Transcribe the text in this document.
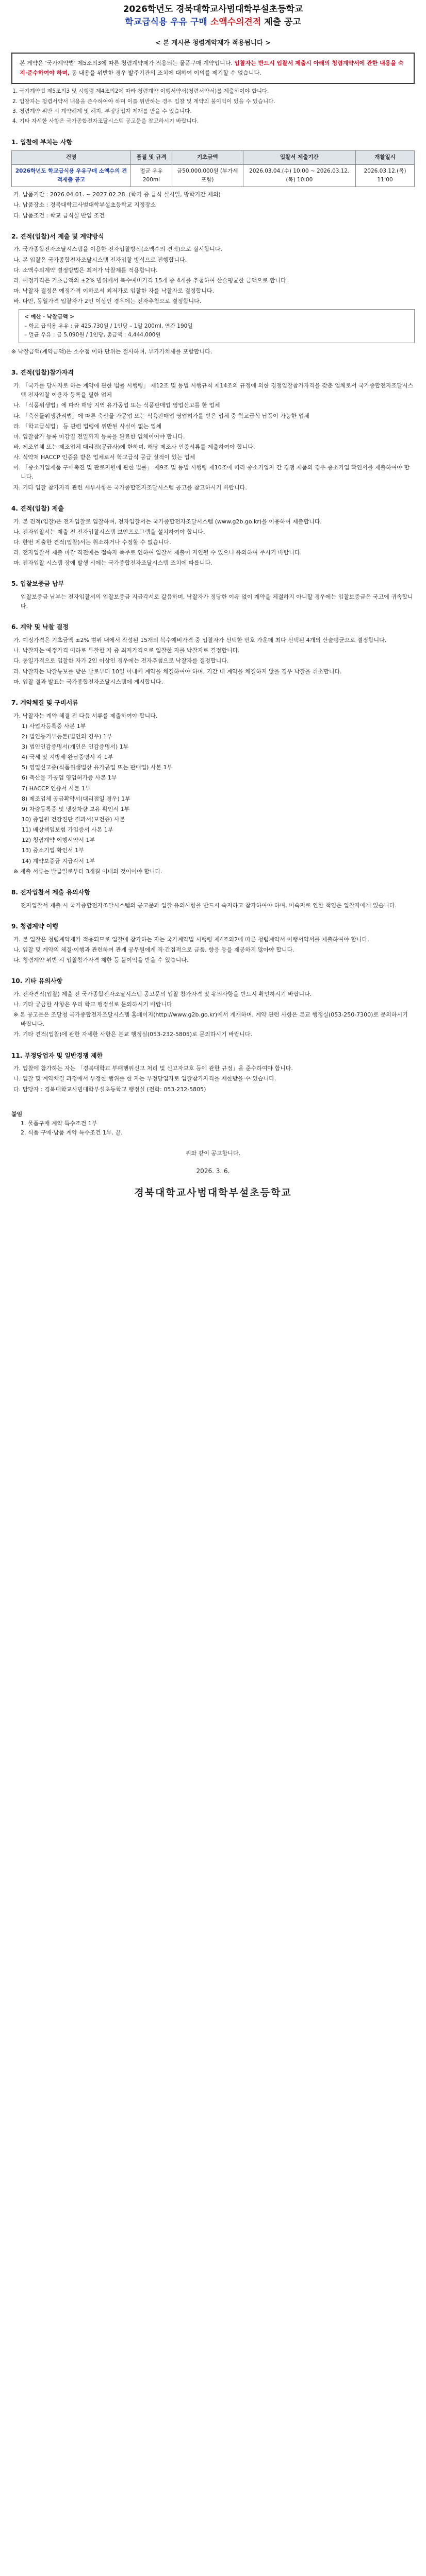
2026학년도 경북대학교사범대학부설초등학교
학교급식용 우유 구매 소액수의견적 제출 공고
< 본 게시문 청렴계약제가 적용됩니다 >
본 게약은 '국가계약법' 제5조의3에 따른 청렴계약제가 적용되는 물품구매 계약입니다. 입찰자는 반드시 입찰서 제출시 아래의 청렴계약서에 관한 내용을 숙지·준수하여야 하며, 동 내용을 위반한 경우 발주기관의 조치에 대하여 이의를 제기할 수 없습니다.

1. 국가계약법 제5조의3 및 시행령 제4조의2에 따라 청렴계약 이행서약서(청렴서약서)를 제출하여야 합니다.

2. 입찰자는 청렴서약서 내용을 준수하여야 하며 이를 위반하는 경우 입찰 및 계약의 불이익이 있을 수 있습니다.

3. 청렴계약 위반 시 계약해제 및 해지, 부정당업자 제재를 받을 수 있습니다.

4. 기타 자세한 사항은 국가종합전자조달시스템 공고문을 참고하시기 바랍니다.

1. 입찰에 부치는 사항
건명	품질 및 규격	기초금액	입찰서 제출기간	개찰일시
2026학년도 학교급식용 우유구매 소액수의 견적제출 공고	멸균 우유 200ml	금50,000,000원 (부가세 포함)	2026.03.04.(수) 10:00 ~ 2026.03.12.(목) 10:00	2026.03.12.(목) 11:00
가. 납품기간 : 2026.04.01. ~ 2027.02.28. (학기 중 급식 실시일, 방학기간 제외)
나. 납품장소 : 경북대학교사범대학부설초등학교 지정장소
다. 납품조건 : 학교 급식실 반입 조건
2. 견적(입찰)서 제출 및 계약방식
가. 국가종합전자조달시스템을 이용한 전자입찰방식(소액수의 견적)으로 실시합니다.
나. 본 입찰은 국가종합전자조달시스템 전자입찰 방식으로 진행합니다.
다. 소액수의계약 결정방법은 최저가 낙찰제를 적용합니다.
라. 예정가격은 기초금액의 ±2% 범위에서 복수예비가격 15개 중 4개를 추첨하여 산술평균한 금액으로 합니다.
마. 낙찰자 결정은 예정가격 이하로서 최저가로 입찰한 자를 낙찰자로 결정합니다.
바. 다만, 동일가격 입찰자가 2인 이상인 경우에는 전자추첨으로 결정합니다.
< 예산 · 낙찰금액 >
– 학교 급식용 우유 : 금 425,730원 / 1인당 – 1일 200ml, 연간 190일
– 멸균 우유 : 금 5,090원 / 1인당, 총금액 : 4,444,000원
※ 낙찰금액(계약금액)은 소수점 이하 단위는 절사하며, 부가가치세를 포함합니다.
3. 견적(입찰)참가자격
가. 「국가를 당사자로 하는 계약에 관한 법률 시행령」 제12조 및 동법 시행규칙 제14조의 규정에 의한 경쟁입찰참가자격을 갖춘 업체로서 국가종합전자조달시스템 전자입찰 이용자 등록을 필한 업체
나. 「식품위생법」에 따라 해당 지역 유가공업 또는 식품판매업 영업신고를 한 업체
다. 「축산물위생관리법」에 따른 축산물 가공업 또는 식육판매업 영업허가를 받은 업체 중 학교급식 납품이 가능한 업체
라. 「학교급식법」 등 관련 법령에 위반된 사실이 없는 업체
마. 입찰참가 등록 마감일 전일까지 등록을 완료한 업체이어야 합니다.
바. 제조업체 또는 제조업체 대리점(공급사)에 한하며, 해당 제조사 인증서류를 제출하여야 합니다.
사. 식약처 HACCP 인증을 받은 업체로서 학교급식 공급 실적이 있는 업체
아. 「중소기업제품 구매촉진 및 판로지원에 관한 법률」 제9조 및 동법 시행령 제10조에 따라 중소기업자 간 경쟁 제품의 경우 중소기업 확인서를 제출하여야 합니다.
자. 기타 입찰 참가자격 관련 세부사항은 국가종합전자조달시스템 공고를 참고하시기 바랍니다.
4. 견적(입찰) 제출
가. 본 견적(입찰)은 전자입찰로 입찰하며, 전자입찰서는 국가종합전자조달시스템 (www.g2b.go.kr)을 이용하여 제출합니다.
나. 전자입찰서는 제출 전 전자입찰시스템 보안프로그램을 설치하여야 합니다.
다. 한번 제출한 견적(입찰)서는 취소하거나 수정할 수 없습니다.
라. 전자입찰서 제출 마감 직전에는 접속자 폭주로 인하여 입찰서 제출이 지연될 수 있으니 유의하여 주시기 바랍니다.
마. 전자입찰 시스템 장애 발생 시에는 국가종합전자조달시스템 조치에 따릅니다.
5. 입찰보증금 납부
입찰보증금 납부는 전자입찰서의 입찰보증금 지급각서로 갈음하며, 낙찰자가 정당한 이유 없이 계약을 체결하지 아니할 경우에는 입찰보증금은 국고에 귀속합니다.
6. 계약 및 낙찰 결정
가. 예정가격은 기초금액 ±2% 범위 내에서 작성된 15개의 복수예비가격 중 입찰자가 선택한 번호 가운데 최다 선택된 4개의 산술평균으로 결정합니다.
나. 낙찰자는 예정가격 이하로 투찰한 자 중 최저가격으로 입찰한 자를 낙찰자로 결정합니다.
다. 동일가격으로 입찰한 자가 2인 이상인 경우에는 전자추첨으로 낙찰자를 결정합니다.
라. 낙찰자는 낙찰통보를 받은 날로부터 10일 이내에 계약을 체결하여야 하며, 기간 내 계약을 체결하지 않을 경우 낙찰을 취소합니다.
마. 입찰 결과 발표는 국가종합전자조달시스템에 게시합니다.
7. 계약체결 및 구비서류
가. 낙찰자는 계약 체결 전 다음 서류를 제출하여야 합니다.
1) 사업자등록증 사본 1부
2) 법인등기부등본(법인의 경우) 1부
3) 법인인감증명서(개인은 인감증명서) 1부
4) 국세 및 지방세 완납증명서 각 1부
5) 영업신고증(식품위생법상 유가공업 또는 판매업) 사본 1부
6) 축산물 가공업 영업허가증 사본 1부
7) HACCP 인증서 사본 1부
8) 제조업체 공급확약서(대리점일 경우) 1부
9) 차량등록증 및 냉장차량 보유 확인서 1부
10) 종업원 건강진단 결과서(보건증) 사본
11) 배상책임보험 가입증서 사본 1부
12) 청렴계약 이행서약서 1부
13) 중소기업 확인서 1부
14) 계약보증금 지급각서 1부
※ 제출 서류는 발급일로부터 3개월 이내의 것이어야 합니다.
8. 전자입찰서 제출 유의사항
전자입찰서 제출 시 국가종합전자조달시스템의 공고문과 입찰 유의사항을 반드시 숙지하고 참가하여야 하며, 미숙지로 인한 책임은 입찰자에게 있습니다.
9. 청렴계약 이행
가. 본 입찰은 청렴계약제가 적용되므로 입찰에 참가하는 자는 국가계약법 시행령 제4조의2에 따른 청렴계약서 이행서약서를 제출하여야 합니다.
나. 입찰 및 계약의 체결·이행과 관련하여 관계 공무원에게 직·간접적으로 금품, 향응 등을 제공하지 않아야 합니다.
다. 청렴계약 위반 시 입찰참가자격 제한 등 불이익을 받을 수 있습니다.
10. 기타 유의사항
가. 전자견적(입찰) 제출 전 국가종합전자조달시스템 공고문의 입찰 참가자격 및 유의사항을 반드시 확인하시기 바랍니다.
나. 기타 궁금한 사항은 우리 학교 행정실로 문의하시기 바랍니다.
※ 본 공고문은 조달청 국가종합전자조달시스템 홈페이지(http://www.g2b.go.kr)에서 게재하며, 계약 관련 사항은 본교 행정실(053-250-7300)로 문의하시기 바랍니다.
가. 기타 견적(입찰)에 관한 자세한 사항은 본교 행정실(053-232-5805)로 문의하시기 바랍니다.
11. 부정당업자 및 일반경쟁 제한
가. 입찰에 참가하는 자는 「경북대학교 부패행위신고 처리 및 신고자보호 등에 관한 규정」을 준수하여야 합니다.
나. 입찰 및 계약체결 과정에서 부정한 행위를 한 자는 부정당업자로 입찰참가자격을 제한받을 수 있습니다.
다. 담당자 : 경북대학교사범대학부설초등학교 행정실 (전화: 053-232-5805)
붙임
1. 물품구매 계약 특수조건 1부
2. 식품 구매·납품 계약 특수조건 1부. 끝.
위와 같이 공고합니다.
2026. 3. 6.
경북대학교사범대학부설초등학교
